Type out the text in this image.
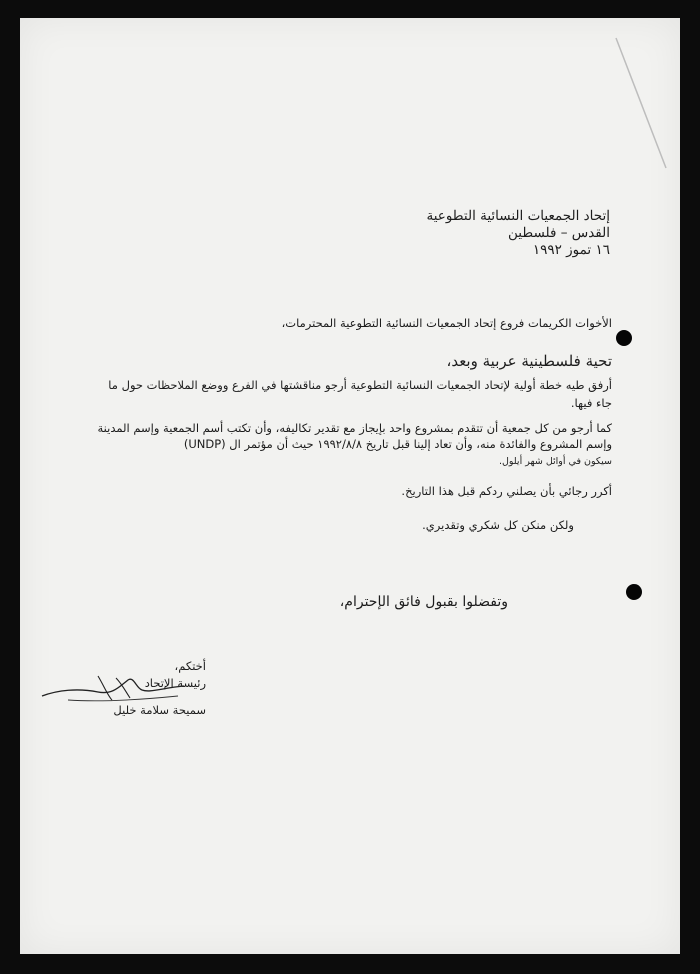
إتحاد الجمعيات النسائية التطوعية
القدس – فلسطين
١٦ تموز ١٩٩٢
الأخوات الكريمات فروع إتحاد الجمعيات النسائية التطوعية المحترمات،
تحية فلسطينية عربية وبعد،
أرفق طيه خطة أولية لإتحاد الجمعيات النسائية التطوعية أرجو مناقشتها في الفرع ووضع الملاحظات حول ما جاء فيها.
كما أرجو من كل جمعية أن تتقدم بمشروع واحد بإيجاز مع تقدير تكاليفه، وأن تكتب أسم الجمعية وإسم المدينة وإسم المشروع والفائدة منه، وأن تعاد إلينا قبل تاريخ ١٩٩٢/٨/٨ حيث أن مؤتمر ال (UNDP)
سيكون في أوائل شهر أيلول.
أكرر رجائي بأن يصلني ردكم قبل هذا التاريخ.
ولكن منكن كل شكري وتقديري.
وتفضلوا بقبول فائق الإحترام،
أختكم،
رئيسة الإتحاد
سميحة سلامة خليل
